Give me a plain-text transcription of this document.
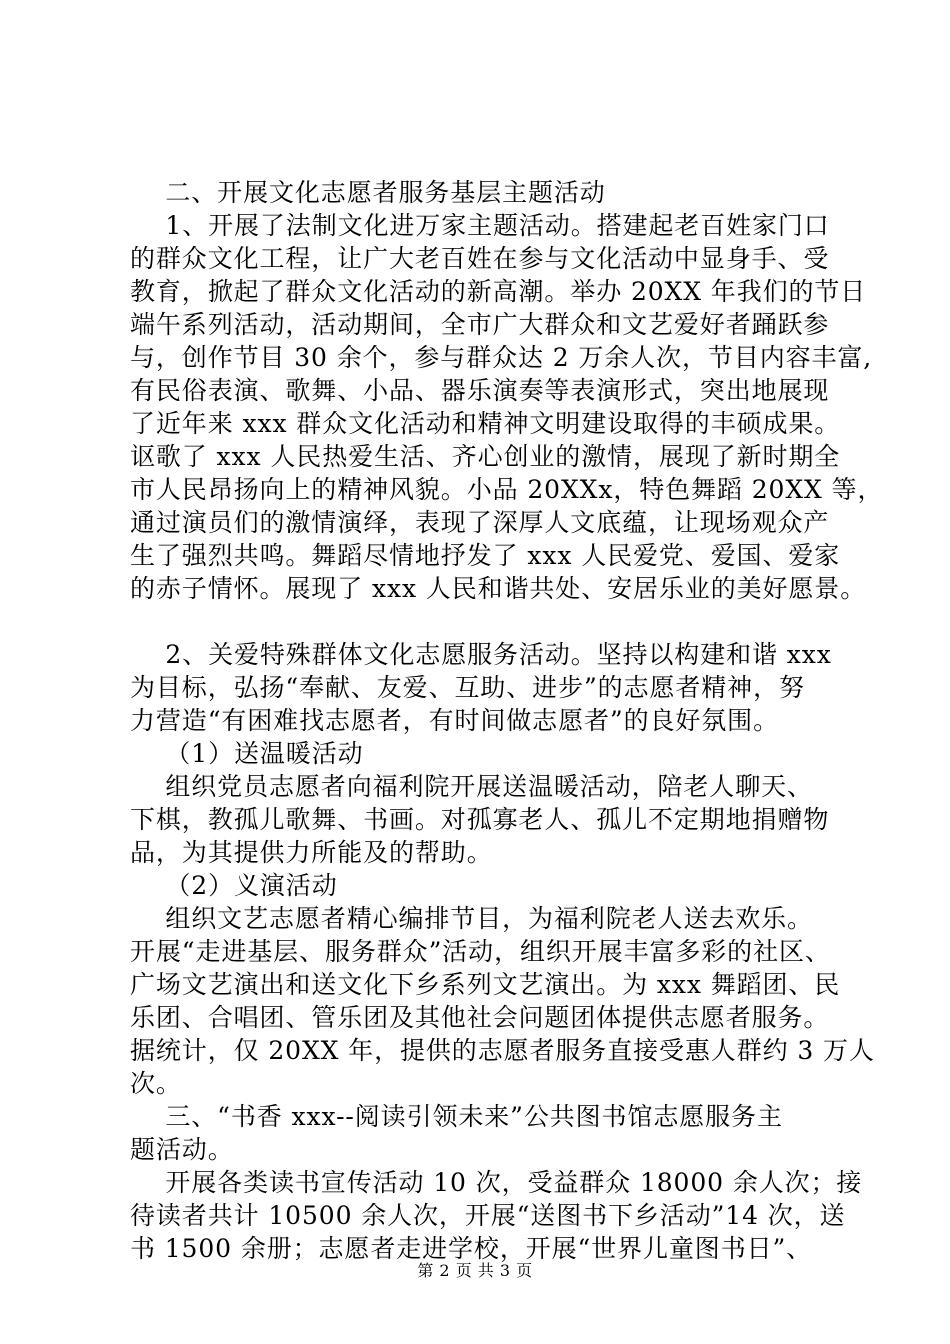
二、开展文化志愿者服务基层主题活动
1、开展了法制文化进万家主题活动。搭建起老百姓家门口
的群众文化工程，让广大老百姓在参与文化活动中显身手、受
教育，掀起了群众文化活动的新高潮。举办 20XX 年我们的节日
端午系列活动，活动期间，全市广大群众和文艺爱好者踊跃参
与，创作节目 30 余个，参与群众达 2 万余人次，节目内容丰富,
有民俗表演、歌舞、小品、器乐演奏等表演形式，突出地展现
了近年来 xxx 群众文化活动和精神文明建设取得的丰硕成果。
讴歌了 xxx 人民热爱生活、齐心创业的激情，展现了新时期全
市人民昂扬向上的精神风貌。小品 20XXx，特色舞蹈 20XX 等，
通过演员们的激情演绎，表现了深厚人文底蕴，让现场观众产
生了强烈共鸣。舞蹈尽情地抒发了 xxx 人民爱党、爱国、爱家
的赤子情怀。展现了 xxx 人民和谐共处、安居乐业的美好愿景。
2、关爱特殊群体文化志愿服务活动。坚持以构建和谐 xxx
为目标，弘扬“奉献、友爱、互助、进步”的志愿者精神，努
力营造“有困难找志愿者，有时间做志愿者”的良好氛围。
（1）送温暖活动
组织党员志愿者向福利院开展送温暖活动，陪老人聊天、
下棋，教孤儿歌舞、书画。对孤寡老人、孤儿不定期地捐赠物
品，为其提供力所能及的帮助。
（2）义演活动
组织文艺志愿者精心编排节目，为福利院老人送去欢乐。
开展“走进基层、服务群众”活动，组织开展丰富多彩的社区、
广场文艺演出和送文化下乡系列文艺演出。为 xxx 舞蹈团、民
乐团、合唱团、管乐团及其他社会问题团体提供志愿者服务。
据统计，仅 20XX 年，提供的志愿者服务直接受惠人群约 3 万人
次。
三、“书香 xxx--阅读引领未来”公共图书馆志愿服务主
题活动。
开展各类读书宣传活动 10 次，受益群众 18000 余人次；接
待读者共计 10500 余人次，开展“送图书下乡活动”14 次，送
书 1500 余册；志愿者走进学校，开展“世界儿童图书日”、
第 2 页 共 3 页
